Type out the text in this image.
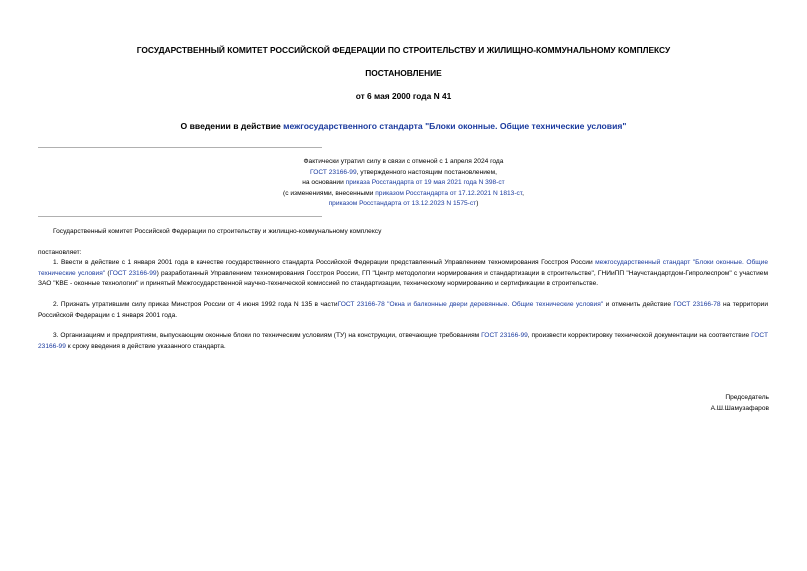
ГОСУДАРСТВЕННЫЙ КОМИТЕТ РОССИЙСКОЙ ФЕДЕРАЦИИ ПО СТРОИТЕЛЬСТВУ И ЖИЛИЩНО-КОММУНАЛЬНОМУ КОМПЛЕКСУ
ПОСТАНОВЛЕНИЕ
от 6 мая 2000 года N 41
О введении в действие межгосударственного стандарта "Блоки оконные. Общие технические условия"
Фактически утратил силу в связи с отменой с 1 апреля 2024 года
ГОСТ 23166-99, утвержденного настоящим постановлением,
на основании приказа Росстандарта от 19 мая 2021 года N 398-ст
(с изменениями, внесенными приказом Росстандарта от 17.12.2021 N 1813-ст,
приказом Росстандарта от 13.12.2023 N 1575-ст)

Государственный комитет Российской Федерации по строительству и жилищно-коммунальному комплексу

постановляет:

1. Ввести в действие с 1 января 2001 года в качестве государственного стандарта Российской Федерации представленный Управлением техномирования Госстроя России межгосударственный стандарт "Блоки оконные. Общие технические условия" (ГОСТ 23166-99) разработанный Управлением техномирования Госстроя России, ГП "Центр методологии нормирования и стандартизации в строительстве", ГНИиПП "Научстандартдом-Гипролеспром" с участием ЗАО "КВЕ - оконные технологии" и принятый Межгосударственной научно-технической комиссией по стандартизации, техническому нормированию и сертификации в строительстве.

2. Признать утратившим силу приказ Минстроя России от 4 июня 1992 года N 135 в частиГОСТ 23166-78 "Окна и балконные двери деревянные. Общие технические условия" и отменить действие ГОСТ 23166-78 на территории Российской Федерации с 1 января 2001 года.

3. Организациям и предприятиям, выпускающим оконные блоки по техническим условиям (ТУ) на конструкции, отвечающие требованиям ГОСТ 23166-99, произвести корректировку технической документации на соответствие ГОСТ 23166-99 к сроку введения в действие указанного стандарта.

Председатель
А.Ш.Шамузафаров
